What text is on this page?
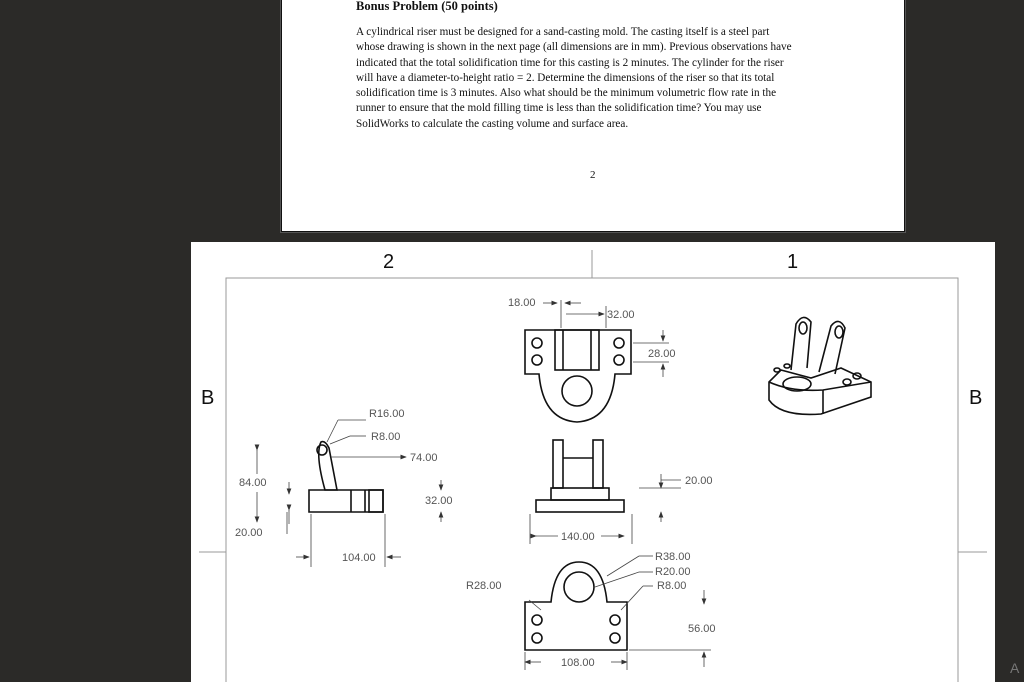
Bonus Problem (50 points)
A cylindrical riser must be designed for a sand-casting mold. The casting itself is a steel part
whose drawing is shown in the next page (all dimensions are in mm). Previous observations have
indicated that the total solidification time for this casting is 2 minutes. The cylinder for the riser
will have a diameter-to-height ratio = 2. Determine the dimensions of the riser so that its total
solidification time is 3 minutes. Also what should be the minimum volumetric flow rate in the
runner to ensure that the mold filling time is less than the solidification time? You may use
SolidWorks to calculate the casting volume and surface area.
2
2	1
B	B
18.00
32.00
28.00
R16.00
R8.00
74.00
84.00
32.00
20.00
104.00
140.00
20.00
R38.00
R20.00
R8.00
R28.00
56.00
108.00	A
